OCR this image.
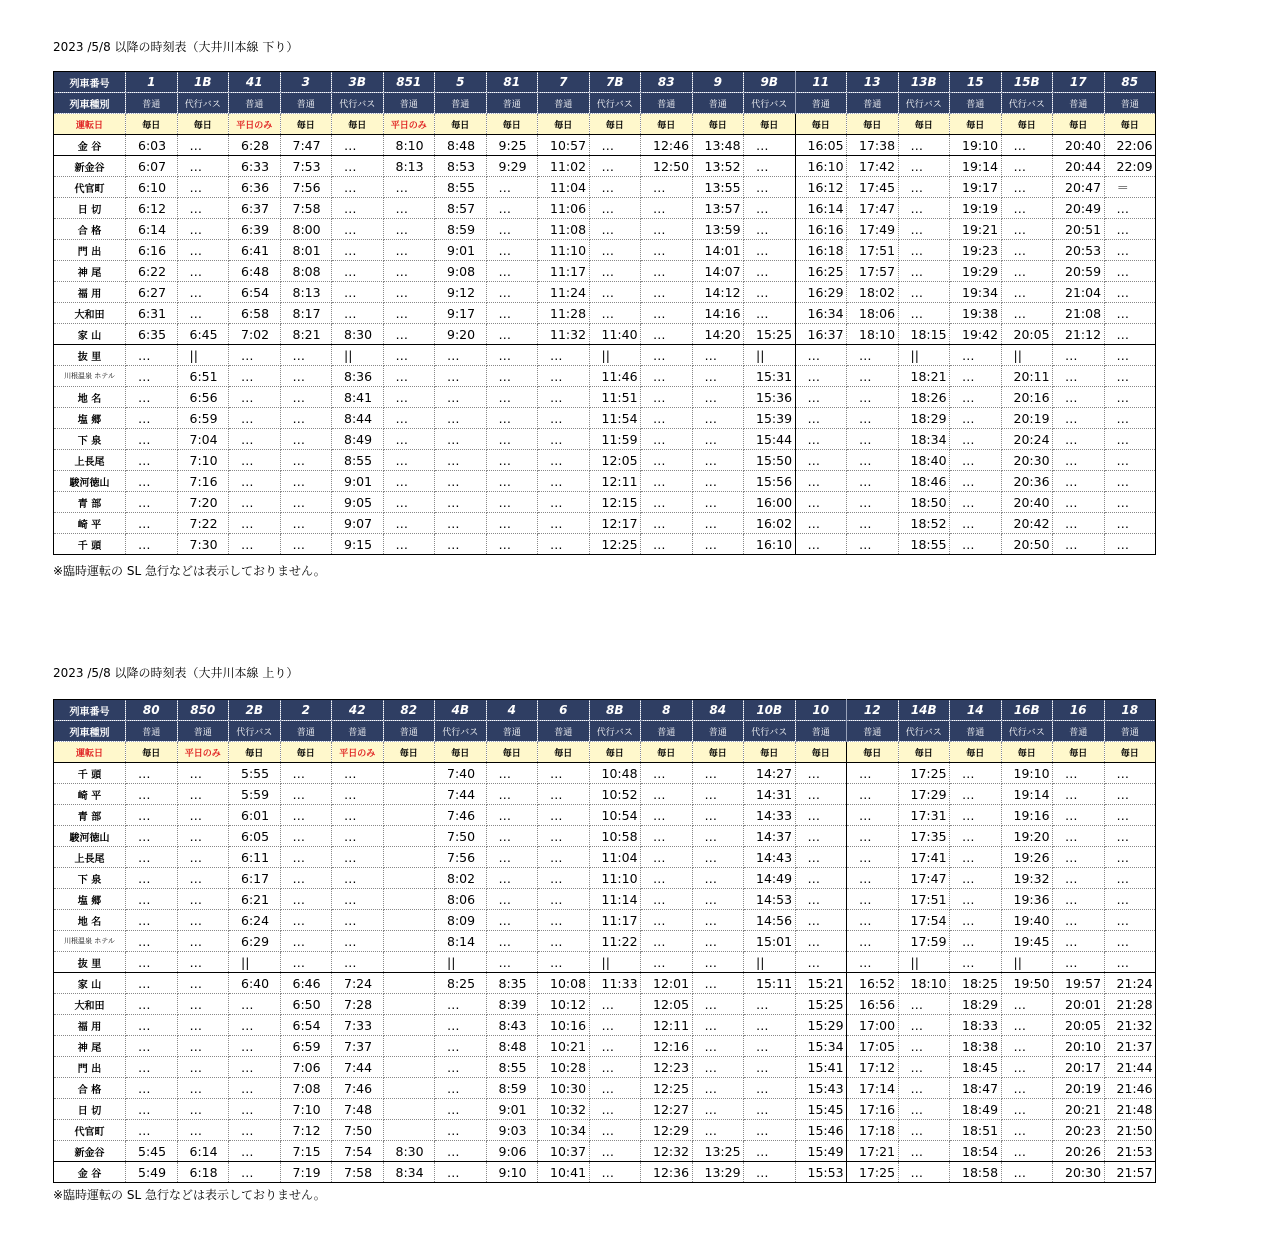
2023 /5/8 以降の時刻表（大井川本線 下り）
列車番号	1	1B	41	3	3B	851	5	81	7	7B	83	9	9B	11	13	13B	15	15B	17	85
列車種別	普通	代行バス	普通	普通	代行バス	普通	普通	普通	普通	代行バス	普通	普通	代行バス	普通	普通	代行バス	普通	代行バス	普通	普通
運転日	毎日	毎日	平日のみ	毎日	毎日	平日のみ	毎日	毎日	毎日	毎日	毎日	毎日	毎日	毎日	毎日	毎日	毎日	毎日	毎日	毎日
金 谷	6:03	…	6:28	7:47	…	8:10	8:48	9:25	10:57	…	12:46	13:48	…	16:05	17:38	…	19:10	…	20:40	22:06
新金谷	6:07	…	6:33	7:53	…	8:13	8:53	9:29	11:02	…	12:50	13:52	…	16:10	17:42	…	19:14	…	20:44	22:09
代官町	6:10	…	6:36	7:56	…	…	8:55	…	11:04	…	…	13:55	…	16:12	17:45	…	19:17	…	20:47	＝
日 切	6:12	…	6:37	7:58	…	…	8:57	…	11:06	…	…	13:57	…	16:14	17:47	…	19:19	…	20:49	…
合 格	6:14	…	6:39	8:00	…	…	8:59	…	11:08	…	…	13:59	…	16:16	17:49	…	19:21	…	20:51	…
門 出	6:16	…	6:41	8:01	…	…	9:01	…	11:10	…	…	14:01	…	16:18	17:51	…	19:23	…	20:53	…
神 尾	6:22	…	6:48	8:08	…	…	9:08	…	11:17	…	…	14:07	…	16:25	17:57	…	19:29	…	20:59	…
福 用	6:27	…	6:54	8:13	…	…	9:12	…	11:24	…	…	14:12	…	16:29	18:02	…	19:34	…	21:04	…
大和田	6:31	…	6:58	8:17	…	…	9:17	…	11:28	…	…	14:16	…	16:34	18:06	…	19:38	…	21:08	…
家 山	6:35	6:45	7:02	8:21	8:30	…	9:20	…	11:32	11:40	…	14:20	15:25	16:37	18:10	18:15	19:42	20:05	21:12	…
抜 里	…	||	…	…	||	…	…	…	…	||	…	…	||	…	…	||	…	||	…	…
川根温泉 ホテル	…	6:51	…	…	8:36	…	…	…	…	11:46	…	…	15:31	…	…	18:21	…	20:11	…	…
地 名	…	6:56	…	…	8:41	…	…	…	…	11:51	…	…	15:36	…	…	18:26	…	20:16	…	…
塩 郷	…	6:59	…	…	8:44	…	…	…	…	11:54	…	…	15:39	…	…	18:29	…	20:19	…	…
下 泉	…	7:04	…	…	8:49	…	…	…	…	11:59	…	…	15:44	…	…	18:34	…	20:24	…	…
上長尾	…	7:10	…	…	8:55	…	…	…	…	12:05	…	…	15:50	…	…	18:40	…	20:30	…	…
駿河徳山	…	7:16	…	…	9:01	…	…	…	…	12:11	…	…	15:56	…	…	18:46	…	20:36	…	…
青 部	…	7:20	…	…	9:05	…	…	…	…	12:15	…	…	16:00	…	…	18:50	…	20:40	…	…
崎 平	…	7:22	…	…	9:07	…	…	…	…	12:17	…	…	16:02	…	…	18:52	…	20:42	…	…
千 頭	…	7:30	…	…	9:15	…	…	…	…	12:25	…	…	16:10	…	…	18:55	…	20:50	…	…
※臨時運転の SL 急行などは表示しておりません。
2023 /5/8 以降の時刻表（大井川本線 上り）
列車番号	80	850	2B	2	42	82	4B	4	6	8B	8	84	10B	10	12	14B	14	16B	16	18
列車種別	普通	普通	代行バス	普通	普通	普通	代行バス	普通	普通	代行バス	普通	普通	代行バス	普通	普通	代行バス	普通	代行バス	普通	普通
運転日	毎日	平日のみ	毎日	毎日	平日のみ	毎日	毎日	毎日	毎日	毎日	毎日	毎日	毎日	毎日	毎日	毎日	毎日	毎日	毎日	毎日
千 頭	…	…	5:55	…	…		7:40	…	…	10:48	…	…	14:27	…	…	17:25	…	19:10	…	…
崎 平	…	…	5:59	…	…		7:44	…	…	10:52	…	…	14:31	…	…	17:29	…	19:14	…	…
青 部	…	…	6:01	…	…		7:46	…	…	10:54	…	…	14:33	…	…	17:31	…	19:16	…	…
駿河徳山	…	…	6:05	…	…		7:50	…	…	10:58	…	…	14:37	…	…	17:35	…	19:20	…	…
上長尾	…	…	6:11	…	…		7:56	…	…	11:04	…	…	14:43	…	…	17:41	…	19:26	…	…
下 泉	…	…	6:17	…	…		8:02	…	…	11:10	…	…	14:49	…	…	17:47	…	19:32	…	…
塩 郷	…	…	6:21	…	…		8:06	…	…	11:14	…	…	14:53	…	…	17:51	…	19:36	…	…
地 名	…	…	6:24	…	…		8:09	…	…	11:17	…	…	14:56	…	…	17:54	…	19:40	…	…
川根温泉 ホテル	…	…	6:29	…	…		8:14	…	…	11:22	…	…	15:01	…	…	17:59	…	19:45	…	…
抜 里	…	…	||	…	…		||	…	…	||	…	…	||	…	…	||	…	||	…	…
家 山	…	…	6:40	6:46	7:24		8:25	8:35	10:08	11:33	12:01	…	15:11	15:21	16:52	18:10	18:25	19:50	19:57	21:24
大和田	…	…	…	6:50	7:28		…	8:39	10:12	…	12:05	…	…	15:25	16:56	…	18:29	…	20:01	21:28
福 用	…	…	…	6:54	7:33		…	8:43	10:16	…	12:11	…	…	15:29	17:00	…	18:33	…	20:05	21:32
神 尾	…	…	…	6:59	7:37		…	8:48	10:21	…	12:16	…	…	15:34	17:05	…	18:38	…	20:10	21:37
門 出	…	…	…	7:06	7:44		…	8:55	10:28	…	12:23	…	…	15:41	17:12	…	18:45	…	20:17	21:44
合 格	…	…	…	7:08	7:46		…	8:59	10:30	…	12:25	…	…	15:43	17:14	…	18:47	…	20:19	21:46
日 切	…	…	…	7:10	7:48		…	9:01	10:32	…	12:27	…	…	15:45	17:16	…	18:49	…	20:21	21:48
代官町	…	…	…	7:12	7:50		…	9:03	10:34	…	12:29	…	…	15:46	17:18	…	18:51	…	20:23	21:50
新金谷	5:45	6:14	…	7:15	7:54	8:30	…	9:06	10:37	…	12:32	13:25	…	15:49	17:21	…	18:54	…	20:26	21:53
金 谷	5:49	6:18	…	7:19	7:58	8:34	…	9:10	10:41	…	12:36	13:29	…	15:53	17:25	…	18:58	…	20:30	21:57
※臨時運転の SL 急行などは表示しておりません。
